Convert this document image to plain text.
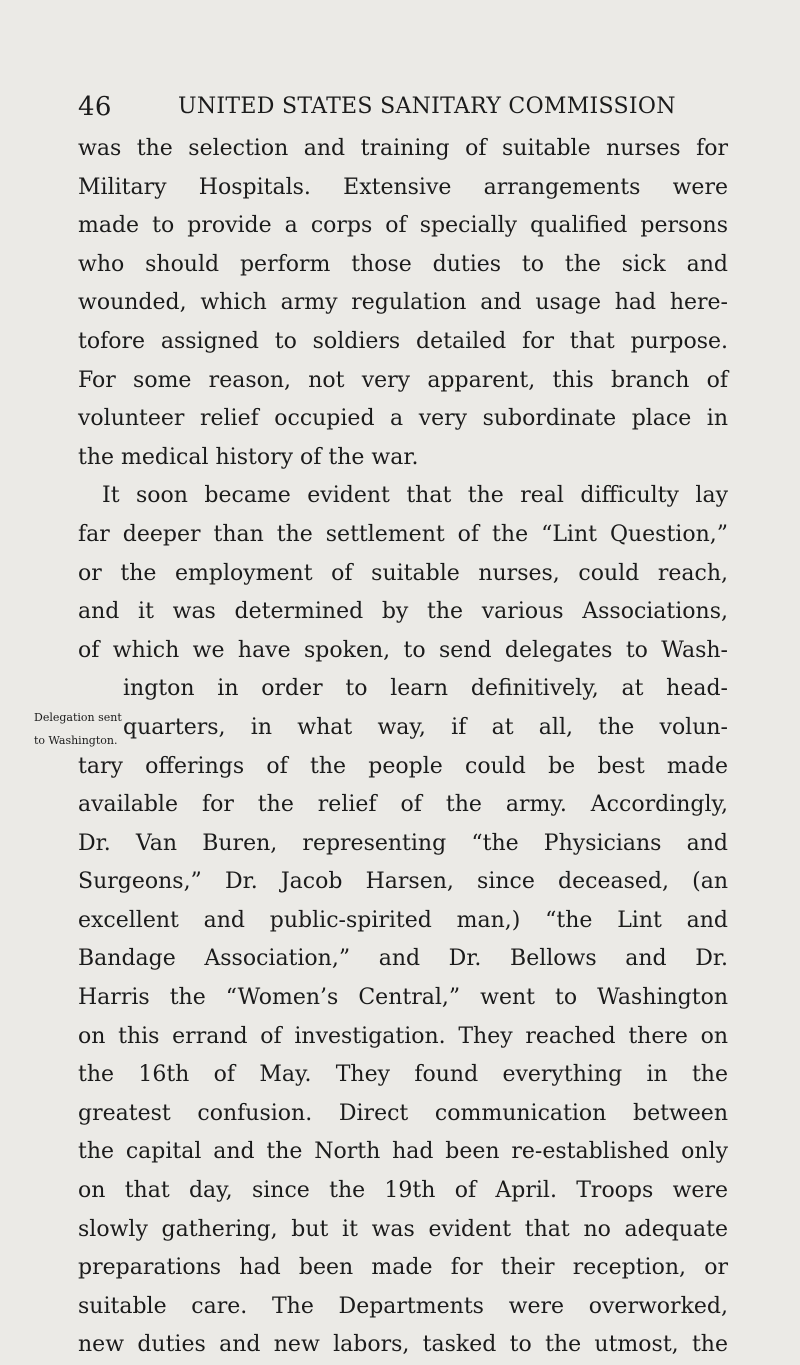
46	UNITED STATES SANITARY COMMISSION
Delegation sent
to Washington.
was the selection and training of suitable nurses for
Military Hospitals. Extensive arrangements were
made to provide a corps of specially qualified persons
who should perform those duties to the sick and
wounded, which army regulation and usage had here-
tofore assigned to soldiers detailed for that purpose.
For some reason, not very apparent, this branch of
volunteer relief occupied a very subordinate place in
the medical history of the war.
It soon became evident that the real difficulty lay
far deeper than the settlement of the “Lint Question,”
or the employment of suitable nurses, could reach,
and it was determined by the various Associations,
of which we have spoken, to send delegates to Wash-
ington in order to learn definitively, at head-
quarters, in what way, if at all, the volun-
tary offerings of the people could be best made
available for the relief of the army. Accordingly,
Dr. Van Buren, representing “the Physicians and
Surgeons,” Dr. Jacob Harsen, since deceased, (an
excellent and public-spirited man,) “the Lint and
Bandage Association,” and Dr. Bellows and Dr.
Harris the “Women’s Central,” went to Washington
on this errand of investigation. They reached there on
the 16th of May. They found everything in the
greatest confusion. Direct communication between
the capital and the North had been re-established only
on that day, since the 19th of April. Troops were
slowly gathering, but it was evident that no adequate
preparations had been made for their reception, or
suitable care. The Departments were overworked,
new duties and new labors, tasked to the utmost, the
